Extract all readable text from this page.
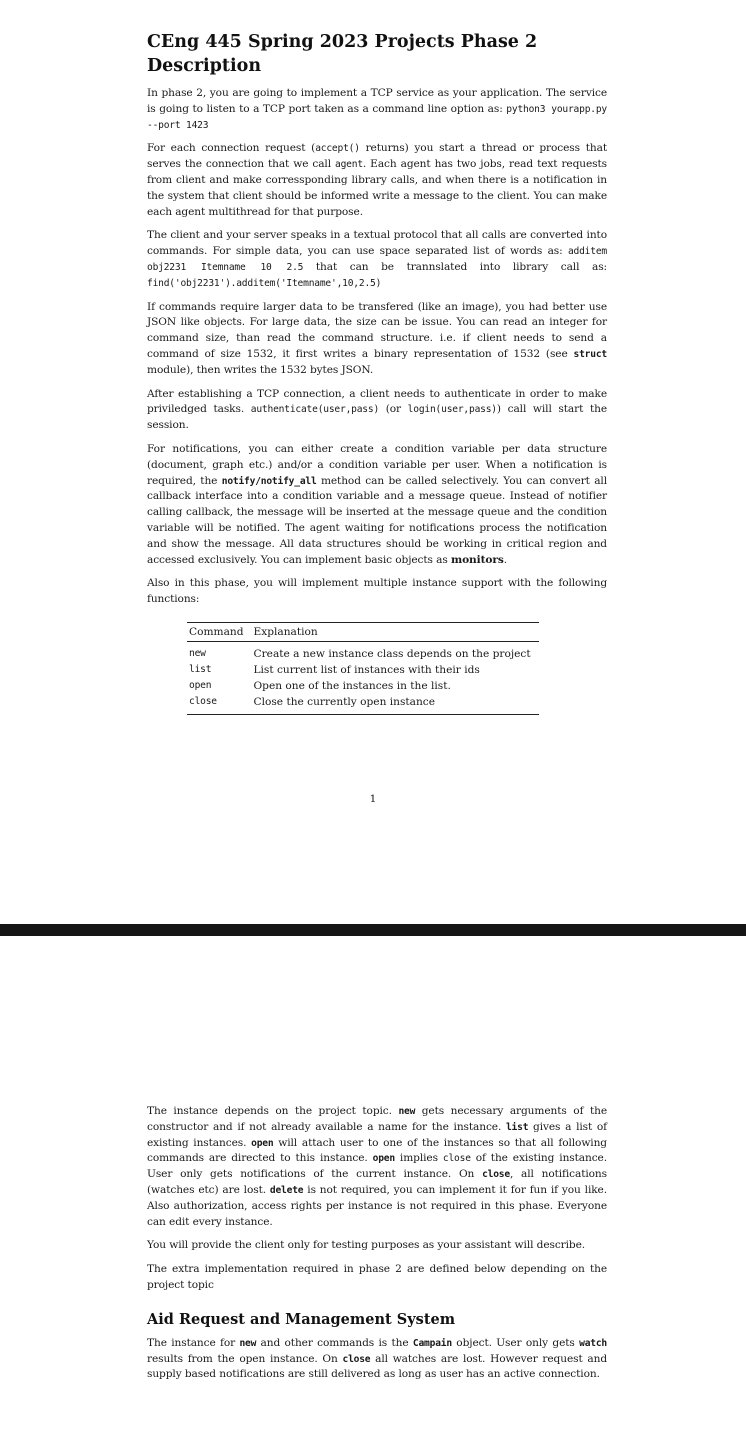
CEng 445 Spring 2023 Projects Phase 2 Description

In phase 2, you are going to implement a TCP service as your application. The service is going to listen to a TCP port taken as a command line option as: python3 yourapp.py --port 1423

For each connection request (accept() returns) you start a thread or process that serves the connection that we call agent. Each agent has two jobs, read text requests from client and make corressponding library calls, and when there is a notification in the system that client should be informed write a message to the client. You can make each agent multithread for that purpose.

The client and your server speaks in a textual protocol that all calls are converted into commands. For simple data, you can use space separated list of words as: additem obj2231 Itemname 10 2.5 that can be trannslated into library call as: find('obj2231').additem('Itemname',10,2.5)

If commands require larger data to be transfered (like an image), you had better use JSON like objects. For large data, the size can be issue. You can read an integer for command size, than read the command structure. i.e. if client needs to send a command of size 1532, it first writes a binary representation of 1532 (see struct module), then writes the 1532 bytes JSON.

After establishing a TCP connection, a client needs to authenticate in order to make priviledged tasks. authenticate(user,pass) (or login(user,pass)) call will start the session.

For notifications, you can either create a condition variable per data structure (document, graph etc.) and/or a condition variable per user. When a notification is required, the notify/notify_all method can be called selectively. You can convert all callback interface into a condition variable and a message queue. Instead of notifier calling callback, the message will be inserted at the message queue and the condition variable will be notified. The agent waiting for notifications process the notification and show the message. All data structures should be working in critical region and accessed exclusively. You can implement basic objects as monitors.

Also in this phase, you will implement multiple instance support with the following functions:

Command	Explanation
new	Create a new instance class depends on the project
list	List current list of instances with their ids
open	Open one of the instances in the list.
close	Close the currently open instance
1

The instance depends on the project topic. new gets necessary arguments of the constructor and if not already available a name for the instance. list gives a list of existing instances. open will attach user to one of the instances so that all following commands are directed to this instance. open implies close of the existing instance. User only gets notifications of the current instance. On close, all notifications (watches etc) are lost. delete is not required, you can implement it for fun if you like. Also authorization, access rights per instance is not required in this phase. Everyone can edit every instance.

You will provide the client only for testing purposes as your assistant will describe.

The extra implementation required in phase 2 are defined below depending on the project topic

Aid Request and Management System

The instance for new and other commands is the Campain object. User only gets watch results from the open instance. On close all watches are lost. However request and supply based notifications are still delivered as long as user has an active connection.
